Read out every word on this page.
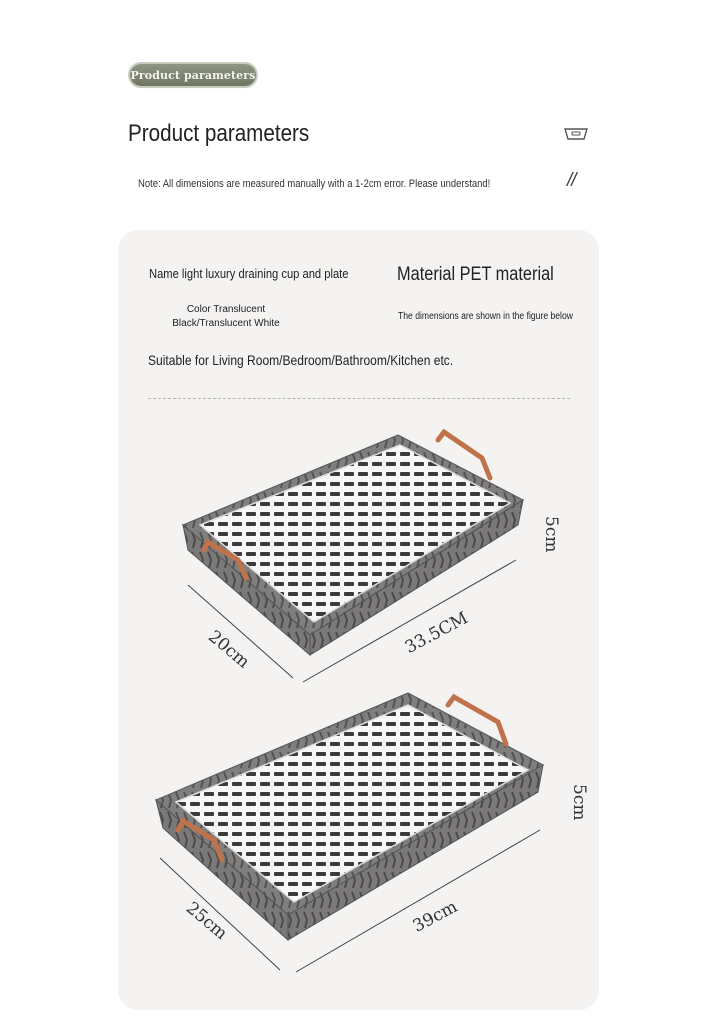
Product parameters
Product parameters
Note: All dimensions are measured manually with a 1-2cm error. Please understand!	//
Name light luxury draining cup and plate	Material PET material
Color Translucent Black/Translucent White
The dimensions are shown in the figure below
Suitable for Living Room/Bedroom/Bathroom/Kitchen etc.
20cm	33.5CM
5cm
25cm	39cm
5cm
